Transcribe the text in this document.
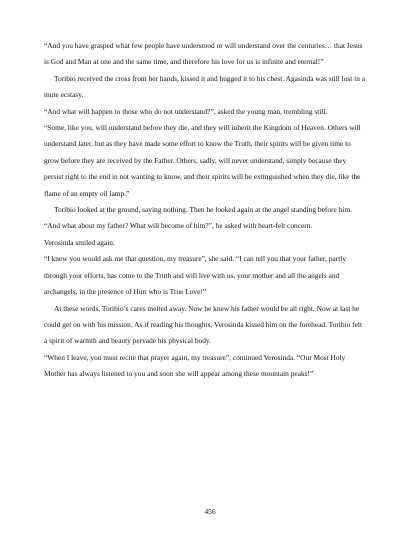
“And you have grasped what few people have understood or will understand over the centuries… that Jesus is God and Man at one and the same time, and therefore his love for us is infinite and eternal!”

Toribio received the cross from her hands, kissed it and hugged it to his chest. Agasinda was still lost in a mute ecstasy.

“And what will happen to those who do not understand?”, asked the young man, trembling still.

“Some, like you, will understand before they die, and they will inherit the Kingdom of Heaven. Others will understand later, but as they have made some effort to know the Truth, their spirits will be given time to grow before they are received by the Father. Others, sadly, will never understand, simply because they persist right to the end in not wanting to know, and their spirits will be extinguished when they die, like the flame of an empty oil lamp.”

Toribio looked at the ground, saying nothing. Then he looked again at the angel standing before him.

“And what about my father? What will become of him?”, he asked with heart-felt concern.

Verosinda smiled again.

“I knew you would ask me that question, my treasure”, she said. “I can tell you that your father, partly through your efforts, has come to the Truth and will live with us, your mother and all the angels and archangels, in the presence of Him who is True Love!”

At these words, Toribio’s cares melted away. Now he knew his father would be all right. Now at last he could get on with his mission. As if reading his thoughts, Verosinda kissed him on the forehead. Toribio felt a spirit of warmth and beauty pervade his physical body.

“When I leave, you must recite that prayer again, my treasure”, continued Verosinda. “Our Most Holy Mother has always listened to you and soon she will appear among these mountain peaks!”

456
